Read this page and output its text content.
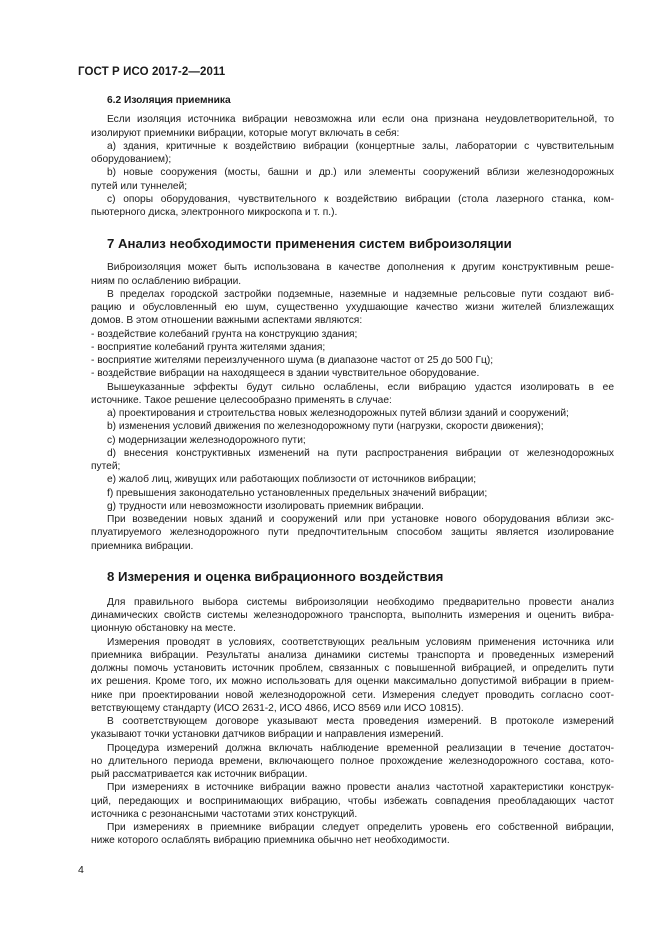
ГОСТ Р ИСО 2017-2—2011
6.2 Изоляция приемника

Если изоляция источника вибрации невозможна или если она признана неудовлетворительной, то

изолируют приемники вибрации, которые могут включать в себя:

a) здания, критичные к воздействию вибрации (концертные залы, лаборатории с чувствительным

оборудованием);

b) новые сооружения (мосты, башни и др.) или элементы сооружений вблизи железнодорожных

путей или туннелей;

c) опоры оборудования, чувствительного к воздействию вибрации (стола лазерного станка, ком-

пьютерного диска, электронного микроскопа и т. п.).

7 Анализ необходимости применения систем виброизоляции

Виброизоляция может быть использована в качестве дополнения к другим конструктивным реше-

ниям по ослаблению вибрации.

В пределах городской застройки подземные, наземные и надземные рельсовые пути создают виб-

рацию и обусловленный ею шум, существенно ухудшающие качество жизни жителей близлежащих

домов. В этом отношении важными аспектами являются:

- воздействие колебаний грунта на конструкцию здания;

- восприятие колебаний грунта жителями здания;

- восприятие жителями переизлученного шума (в диапазоне частот от 25 до 500 Гц);

- воздействие вибрации на находящееся в здании чувствительное оборудование.

Вышеуказанные эффекты будут сильно ослаблены, если вибрацию удастся изолировать в ее

источнике. Такое решение целесообразно применять в случае:

a) проектирования и строительства новых железнодорожных путей вблизи зданий и сооружений;

b) изменения условий движения по железнодорожному пути (нагрузки, скорости движения);

c) модернизации железнодорожного пути;

d) внесения конструктивных изменений на пути распространения вибрации от железнодорожных

путей;

e) жалоб лиц, живущих или работающих поблизости от источников вибрации;

f) превышения законодательно установленных предельных значений вибрации;

g) трудности или невозможности изолировать приемник вибрации.

При возведении новых зданий и сооружений или при установке нового оборудования вблизи экс-

плуатируемого железнодорожного пути предпочтительным способом защиты является изолирование

приемника вибрации.

8 Измерения и оценка вибрационного воздействия

Для правильного выбора системы виброизоляции необходимо предварительно провести анализ

динамических свойств системы железнодорожного транспорта, выполнить измерения и оценить вибра-

ционную обстановку на месте.

Измерения проводят в условиях, соответствующих реальным условиям применения источника или

приемника вибрации. Результаты анализа динамики системы транспорта и проведенных измерений

должны помочь установить источник проблем, связанных с повышенной вибрацией, и определить пути

их решения. Кроме того, их можно использовать для оценки максимально допустимой вибрации в прием-

нике при проектировании новой железнодорожной сети. Измерения следует проводить согласно соот-

ветствующему стандарту (ИСО 2631-2, ИСО 4866, ИСО 8569 или ИСО 10815).

В соответствующем договоре указывают места проведения измерений. В протоколе измерений

указывают точки установки датчиков вибрации и направления измерений.

Процедура измерений должна включать наблюдение временной реализации в течение достаточ-

но длительного периода времени, включающего полное прохождение железнодорожного состава, кото-

рый рассматривается как источник вибрации.

При измерениях в источнике вибрации важно провести анализ частотной характеристики конструк-

ций, передающих и воспринимающих вибрацию, чтобы избежать совпадения преобладающих частот

источника с резонансными частотами этих конструкций.

При измерениях в приемнике вибрации следует определить уровень его собственной вибрации,

ниже которого ослаблять вибрацию приемника обычно нет необходимости.

4
